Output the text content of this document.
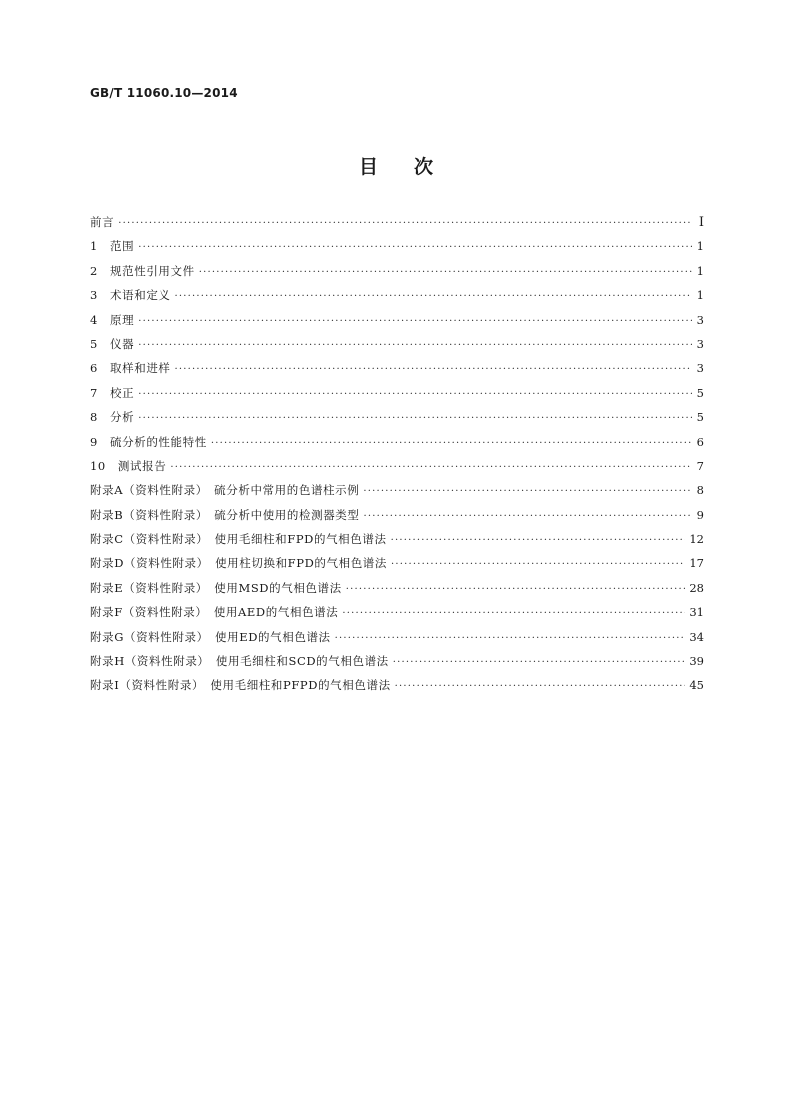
GB/T 11060.10—2014
目次
前言 ·····	I
1　范围 ·····	1
2　规范性引用文件 ·····	1
3　术语和定义 ·····	1
4　原理 ·····	3
5　仪器 ·····	3
6　取样和进样 ·····	3
7　校正 ·····	5
8　分析 ·····	5
9　硫分析的性能特性 ·····	6
10　测试报告 ·····	7
附录A（资料性附录）　硫分析中常用的色谱柱示例 ·····	8
附录B（资料性附录）　硫分析中使用的检测器类型 ·····	9
附录C（资料性附录）　使用毛细柱和FPD的气相色谱法 ·····	12
附录D（资料性附录）　使用柱切换和FPD的气相色谱法 ·····	17
附录E（资料性附录）　使用MSD的气相色谱法 ·····	28
附录F（资料性附录）　使用AED的气相色谱法 ·····	31
附录G（资料性附录）　使用ED的气相色谱法 ·····	34
附录H（资料性附录）　使用毛细柱和SCD的气相色谱法 ·····	39
附录I（资料性附录）　使用毛细柱和PFPD的气相色谱法 ·····	45
